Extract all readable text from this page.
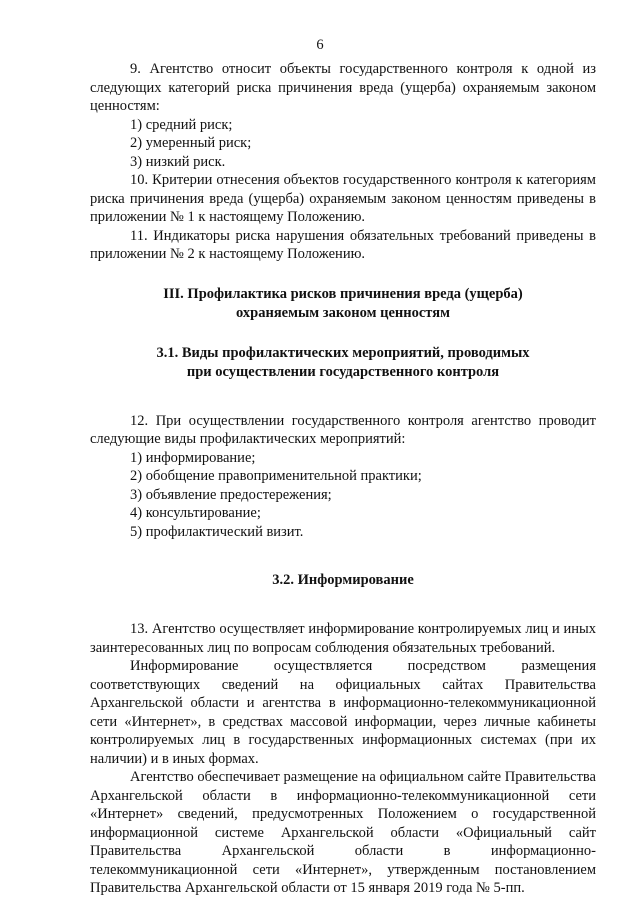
6

9. Агентство относит объекты государственного контроля к одной из следующих категорий риска причинения вреда (ущерба) охраняемым законом ценностям:

1) средний риск;

2) умеренный риск;

3) низкий риск.

10. Критерии отнесения объектов государственного контроля к категориям риска причинения вреда (ущерба) охраняемым законом ценностям приведены в приложении № 1 к настоящему Положению.

11. Индикаторы риска нарушения обязательных требований приведены в приложении № 2 к настоящему Положению.

III. Профилактика рисков причинения вреда (ущерба)
охраняемым законом ценностям
3.1. Виды профилактических мероприятий, проводимых
при осуществлении государственного контроля

12. При осуществлении государственного контроля агентство проводит следующие виды профилактических мероприятий:

1) информирование;

2) обобщение правоприменительной практики;

3) объявление предостережения;

4) консультирование;

5) профилактический визит.

3.2. Информирование

13. Агентство осуществляет информирование контролируемых лиц и иных заинтересованных лиц по вопросам соблюдения обязательных требований.

Информирование осуществляется посредством размещения соответствующих сведений на официальных сайтах Правительства Архангельской области и агентства в информационно-телекоммуникационной сети «Интернет», в средствах массовой информации, через личные кабинеты контролируемых лиц в государственных информационных системах (при их наличии) и в иных формах.

Агентство обеспечивает размещение на официальном сайте Правительства Архангельской области в информационно-телекоммуникационной сети «Интернет» сведений, предусмотренных Положением о государственной информационной системе Архангельской области «Официальный сайт Правительства Архангельской области в информационно-телекоммуникационной сети «Интернет», утвержденным постановлением Правительства Архангельской области от 15 января 2019 года № 5-пп.
